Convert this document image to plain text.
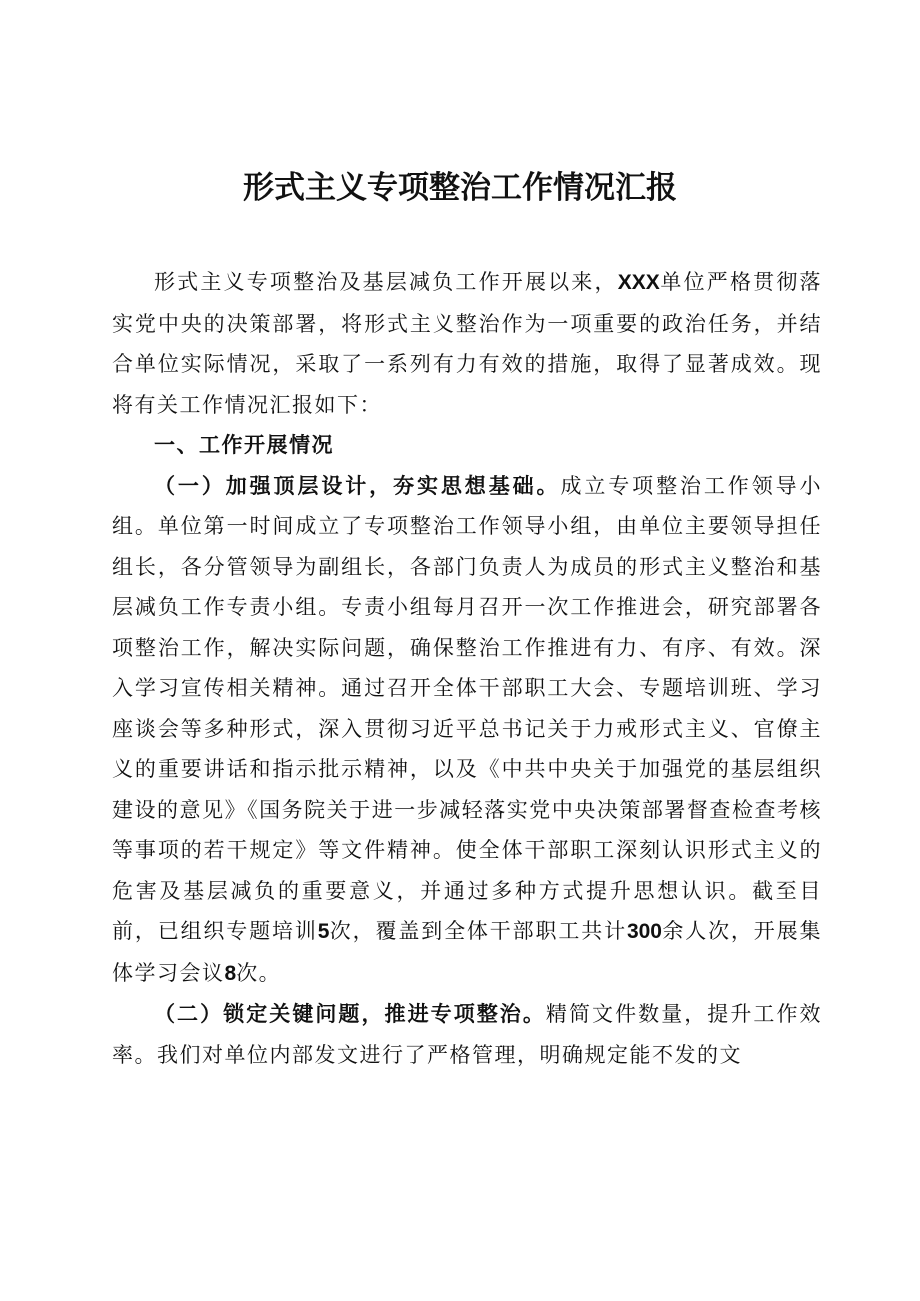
形式主义专项整治工作情况汇报

形式主义专项整治及基层减负工作开展以来，XXX单位严格贯彻落实党中央的决策部署，将形式主义整治作为一项重要的政治任务，并结合单位实际情况，采取了一系列有力有效的措施，取得了显著成效。现将有关工作情况汇报如下：

一、工作开展情况

（一）加强顶层设计，夯实思想基础。成立专项整治工作领导小组。单位第一时间成立了专项整治工作领导小组，由单位主要领导担任组长，各分管领导为副组长，各部门负责人为成员的形式主义整治和基层减负工作专责小组。专责小组每月召开一次工作推进会，研究部署各项整治工作，解决实际问题，确保整治工作推进有力、有序、有效。深入学习宣传相关精神。通过召开全体干部职工大会、专题培训班、学习座谈会等多种形式，深入贯彻习近平总书记关于力戒形式主义、官僚主义的重要讲话和指示批示精神，以及《中共中央关于加强党的基层组织建设的意见》《国务院关于进一步减轻落实党中央决策部署督查检查考核等事项的若干规定》等文件精神。使全体干部职工深刻认识形式主义的危害及基层减负的重要意义，并通过多种方式提升思想认识。截至目前，已组织专题培训5次，覆盖到全体干部职工共计300余人次，开展集体学习会议8次。

（二）锁定关键问题，推进专项整治。精简文件数量，提升工作效率。我们对单位内部发文进行了严格管理，明确规定能不发的文
